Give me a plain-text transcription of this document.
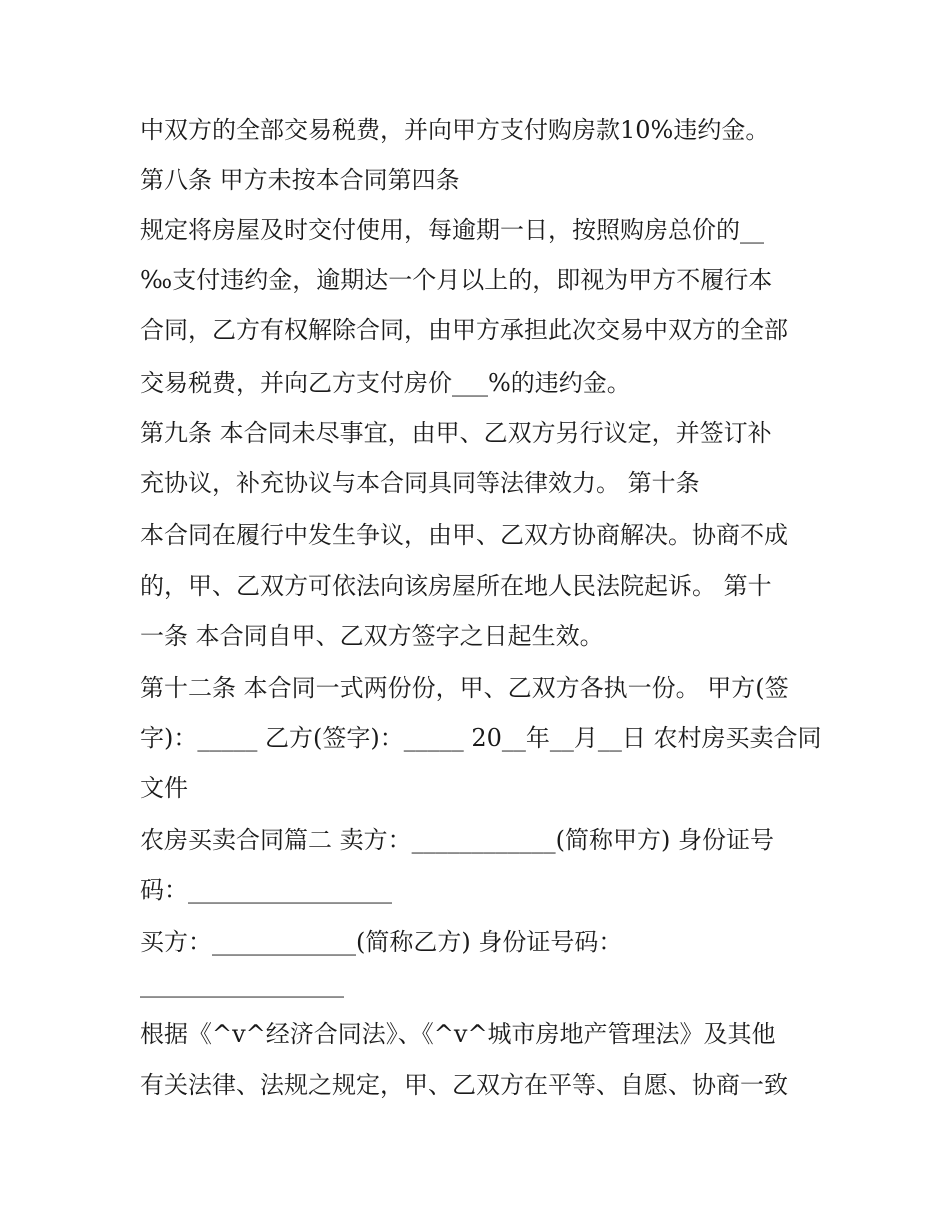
中双方的全部交易税费，并向甲方支付购房款10%违约金。
第八条 甲方未按本合同第四条
规定将房屋及时交付使用，每逾期一日，按照购房总价的__
‰支付违约金，逾期达一个月以上的，即视为甲方不履行本
合同，乙方有权解除合同，由甲方承担此次交易中双方的全部
交易税费，并向乙方支付房价___%的违约金。
第九条 本合同未尽事宜，由甲、乙双方另行议定，并签订补
充协议，补充协议与本合同具同等法律效力。 第十条
本合同在履行中发生争议，由甲、乙双方协商解决。协商不成
的，甲、乙双方可依法向该房屋所在地人民法院起诉。 第十
一条 本合同自甲、乙双方签字之日起生效。
第十二条 本合同一式两份份，甲、乙双方各执一份。 甲方(签
字)：_____ 乙方(签字)：_____ 20__年__月__日 农村房买卖合同
文件
农房买卖合同篇二 卖方：____________(简称甲方) 身份证号
码：_________________
买方：____________(简称乙方) 身份证号码：
_________________
根据《^v^经济合同法》、《^v^城市房地产管理法》及其他
有关法律、法规之规定，甲、乙双方在平等、自愿、协商一致
